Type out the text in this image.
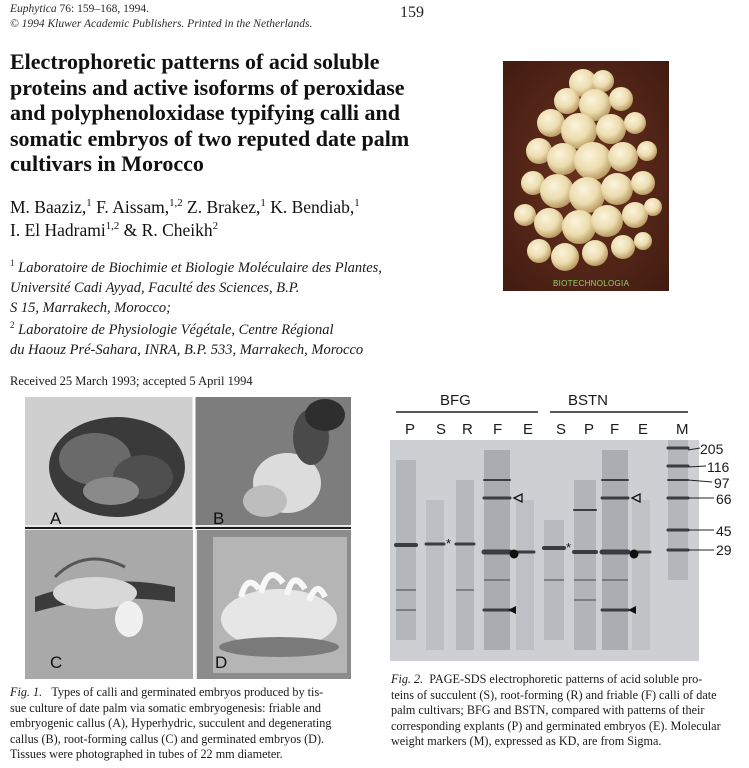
Euphytica 76: 159–168, 1994.
© 1994 Kluwer Academic Publishers. Printed in the Netherlands.
159
Electrophoretic patterns of acid soluble
proteins and active isoforms of peroxidase
and polyphenoloxidase typifying calli and
somatic embryos of two reputed date palm
cultivars in Morocco
M. Baaziz,$^1$ F. Aissam,$^{1,2}$ Z. Brakez,$^1$ K. Bendiab,$^1$
I. El Hadrami$^{1,2}$ & R. Cheikh$^2$
$^1$ Laboratoire de Biochimie et Biologie Moléculaire des Plantes,
Université Cadi Ayyad, Faculté des Sciences, B.P.
S 15, Marrakech, Morocco;
$^2$ Laboratoire de Physiologie Végétale, Centre Régional
du Haouz Pré-Sahara, INRA, B.P. 533, Marrakech, Morocco
Received 25 March 1993; accepted 5 April 1994
BIOTECHNOLOGIA
A	B
C	D
Fig. 1. Types of calli and germinated embryos produced by tis-
sue culture of date palm via somatic embryogenesis: friable and
embryogenic callus (A), Hyperhydric, succulent and degenerating
callus (B), root-forming callus (C) and germinated embryos (D).
Tissues were photographed in tubes of 22 mm diameter.
BFG	BSTN
P S R F E S P F E M
*	*
205
116
97
66
45
29
Fig. 2. PAGE-SDS electrophoretic patterns of acid soluble pro-
teins of succulent (S), root-forming (R) and friable (F) calli of date
palm cultivars; BFG and BSTN, compared with patterns of their
corresponding explants (P) and germinated embryos (E). Molecular
weight markers (M), expressed as KD, are from Sigma.
